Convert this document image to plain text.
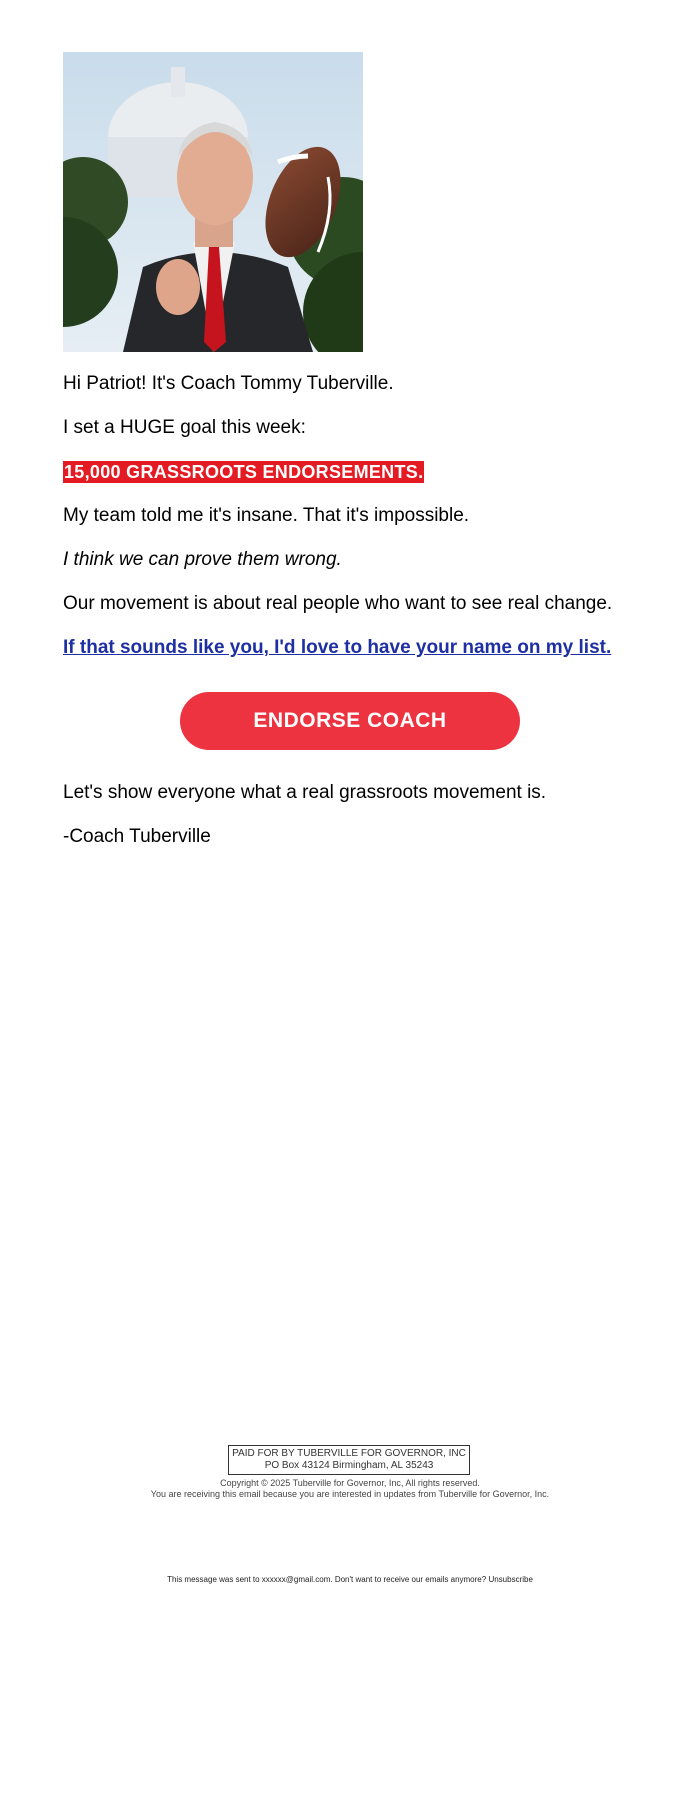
Hi Patriot! It's Coach Tommy Tuberville.

I set a HUGE goal this week:

15,000 GRASSROOTS ENDORSEMENTS.

My team told me it's insane. That it's impossible.

I think we can prove them wrong.

Our movement is about real people who want to see real change.

If that sounds like you, I'd love to have your name on my list.

ENDORSE COACH

Let's show everyone what a real grassroots movement is.

-Coach Tuberville

PAID FOR BY TUBERVILLE FOR GOVERNOR, INC
PO Box 43124 Birmingham, AL 35243

Copyright © 2025 Tuberville for Governor, Inc, All rights reserved.

You are receiving this email because you are interested in updates from Tuberville for Governor, Inc.

This message was sent to xxxxxx@gmail.com. Don't want to receive our emails anymore? Unsubscribe
